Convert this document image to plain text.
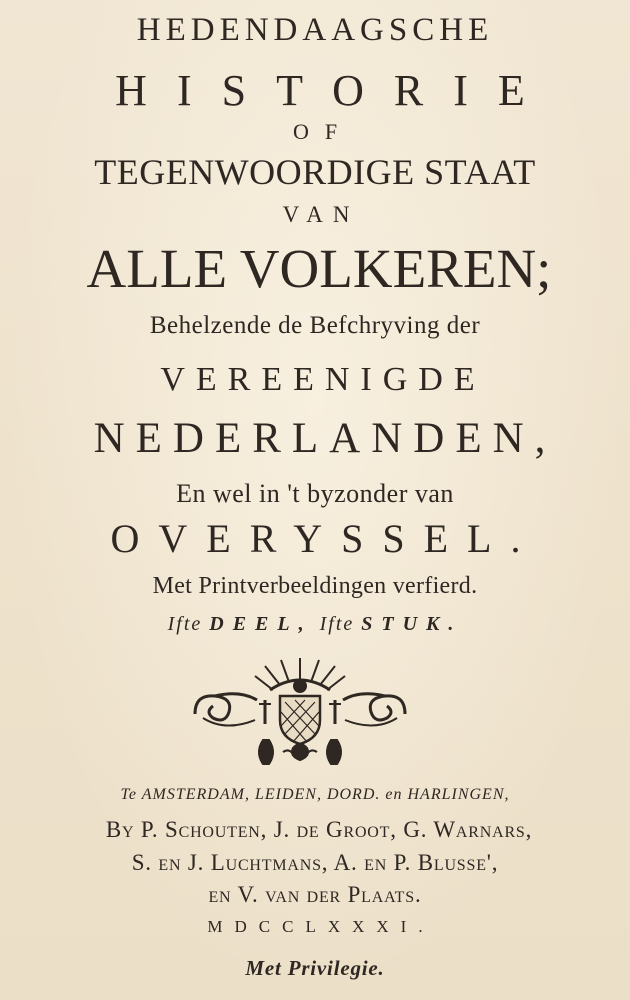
HEDENDAAGSCHE
HISTORIE
OF
TEGENWOORDIGE STAAT
VAN
ALLE VOLKEREN;
Behelzende de Befchryving der
VEREENIGDE
NEDERLANDEN,
En wel in 't byzonder van
OVERYSSEL.
Met Printverbeeldingen verfierd.
Ifte DEEL, Ifte STUK.
Te AMSTERDAM, LEIDEN, DORD. en HARLINGEN,
By P. Schouten, J. de Groot, G. Warnars,
S. en J. Luchtmans, A. en P. Blusse',
en V. van der Plaats.
MDCCLXXXI.
Met Privilegie.
